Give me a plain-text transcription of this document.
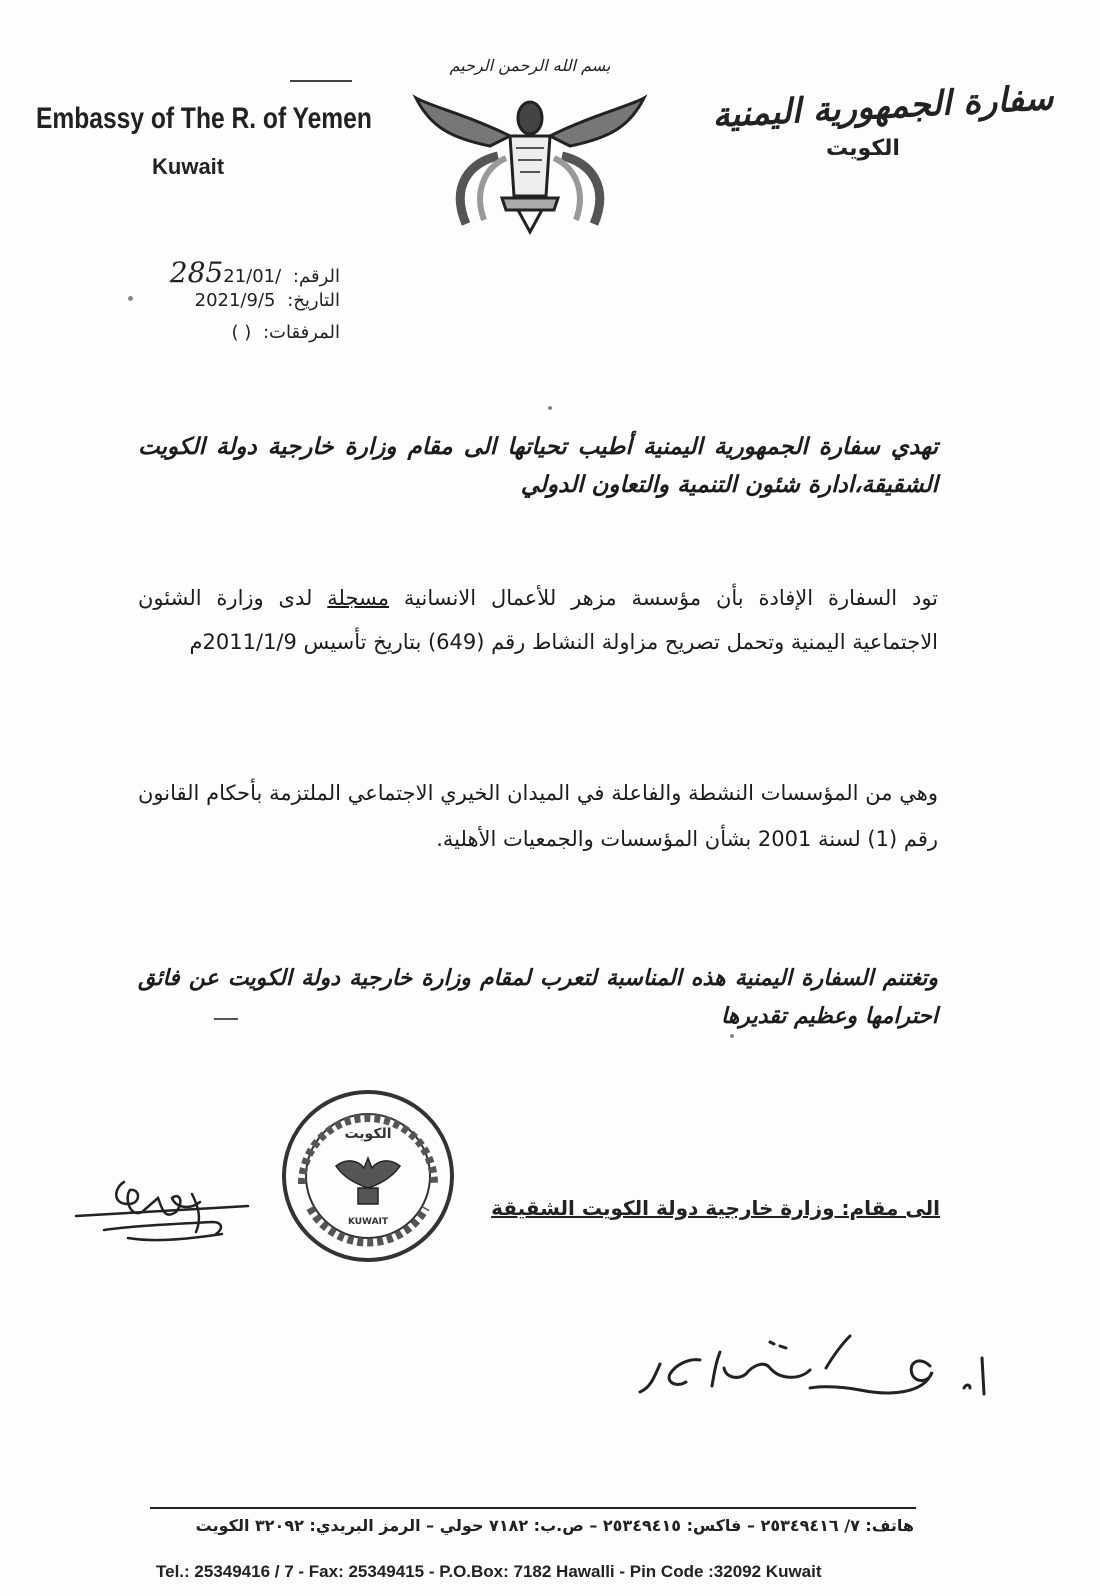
Embassy of The R. of Yemen
Kuwait
بسم الله الرحمن الرحيم
سفارة الجمهورية اليمنية
الكويت
الرقم: 28521/01/
التاريخ: 2021/9/5
المرفقات: ( )
تهدي سفارة الجمهورية اليمنية أطيب تحياتها الى مقام وزارة خارجية دولة الكويت الشقيقة،ادارة شئون التنمية والتعاون الدولي
تود السفارة الإفادة بأن مؤسسة مزهر للأعمال الانسانية مسجلة لدى وزارة الشئون الاجتماعية اليمنية وتحمل تصريح مزاولة النشاط رقم (649) بتاريخ تأسيس 2011/1/9م
وهي من المؤسسات النشطة والفاعلة في الميدان الخيري الاجتماعي الملتزمة بأحكام القانون رقم (1) لسنة 2001 بشأن المؤسسات والجمعيات الأهلية.
وتغتنم السفارة اليمنية هذه المناسبة لتعرب لمقام وزارة خارجية دولة الكويت عن فائق احترامها وعظيم تقديرها
الكويت
KUWAIT
الى مقام: وزارة خارجية دولة الكويت الشقيقة
هاتف: ٧/ ٢٥٣٤٩٤١٦ – فاكس: ٢٥٣٤٩٤١٥ – ص.ب: ٧١٨٢ حولي – الرمز البريدي: ٣٢٠٩٢ الكويت
Tel.: 25349416 / 7 - Fax: 25349415 - P.O.Box: 7182 Hawalli - Pin Code :32092 Kuwait
